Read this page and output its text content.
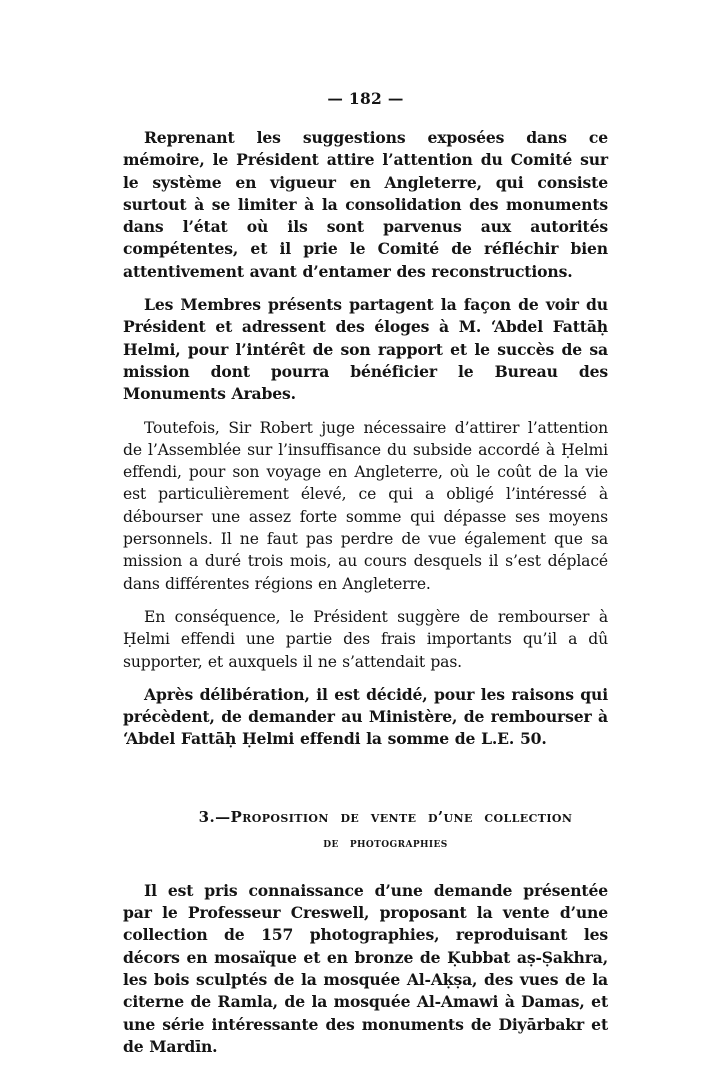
— 182 —

Reprenant les suggestions exposées dans ce mémoire, le Président attire l’attention du Comité sur le système en vigueur en Angleterre, qui consiste surtout à se limiter à la consolidation des monuments dans l’état où ils sont parvenus aux autorités compétentes, et il prie le Comité de réfléchir bien attentivement avant d’entamer des reconstructions.

Les Membres présents partagent la façon de voir du Président et adressent des éloges à M. ‘Abdel Fattāḥ Helmi, pour l’intérêt de son rapport et le succès de sa mission dont pourra bénéficier le Bureau des Monuments Arabes.

Toutefois, Sir Robert juge nécessaire d’attirer l’attention de l’Assemblée sur l’insuffisance du subside accordé à Ḥelmi effendi, pour son voyage en Angleterre, où le coût de la vie est particulièrement élevé, ce qui a obligé l’intéressé à débourser une assez forte somme qui dépasse ses moyens personnels. Il ne faut pas perdre de vue également que sa mission a duré trois mois, au cours desquels il s’est déplacé dans différentes régions en Angleterre.

En conséquence, le Président suggère de rembourser à Ḥelmi effendi une partie des frais importants qu’il a dû supporter, et auxquels il ne s’attendait pas.

Après délibération, il est décidé, pour les raisons qui précèdent, de demander au Ministère, de rembourser à ‘Abdel Fattāḥ Ḥelmi effendi la somme de L.E. 50.

3.—Proposition de vente d’une collection
de photographies

Il est pris connaissance d’une demande présentée par le Professeur Creswell, proposant la vente d’une collection de 157 photographies, reproduisant les décors en mosaïque et en bronze de Ḳubbat aṣ-Ṣakhra, les bois sculptés de la mosquée Al-Aḳṣa, des vues de la citerne de Ramla, de la mosquée Al-Amawi à Damas, et une série intéressante des monuments de Diyārbakr et de Mardīn.
